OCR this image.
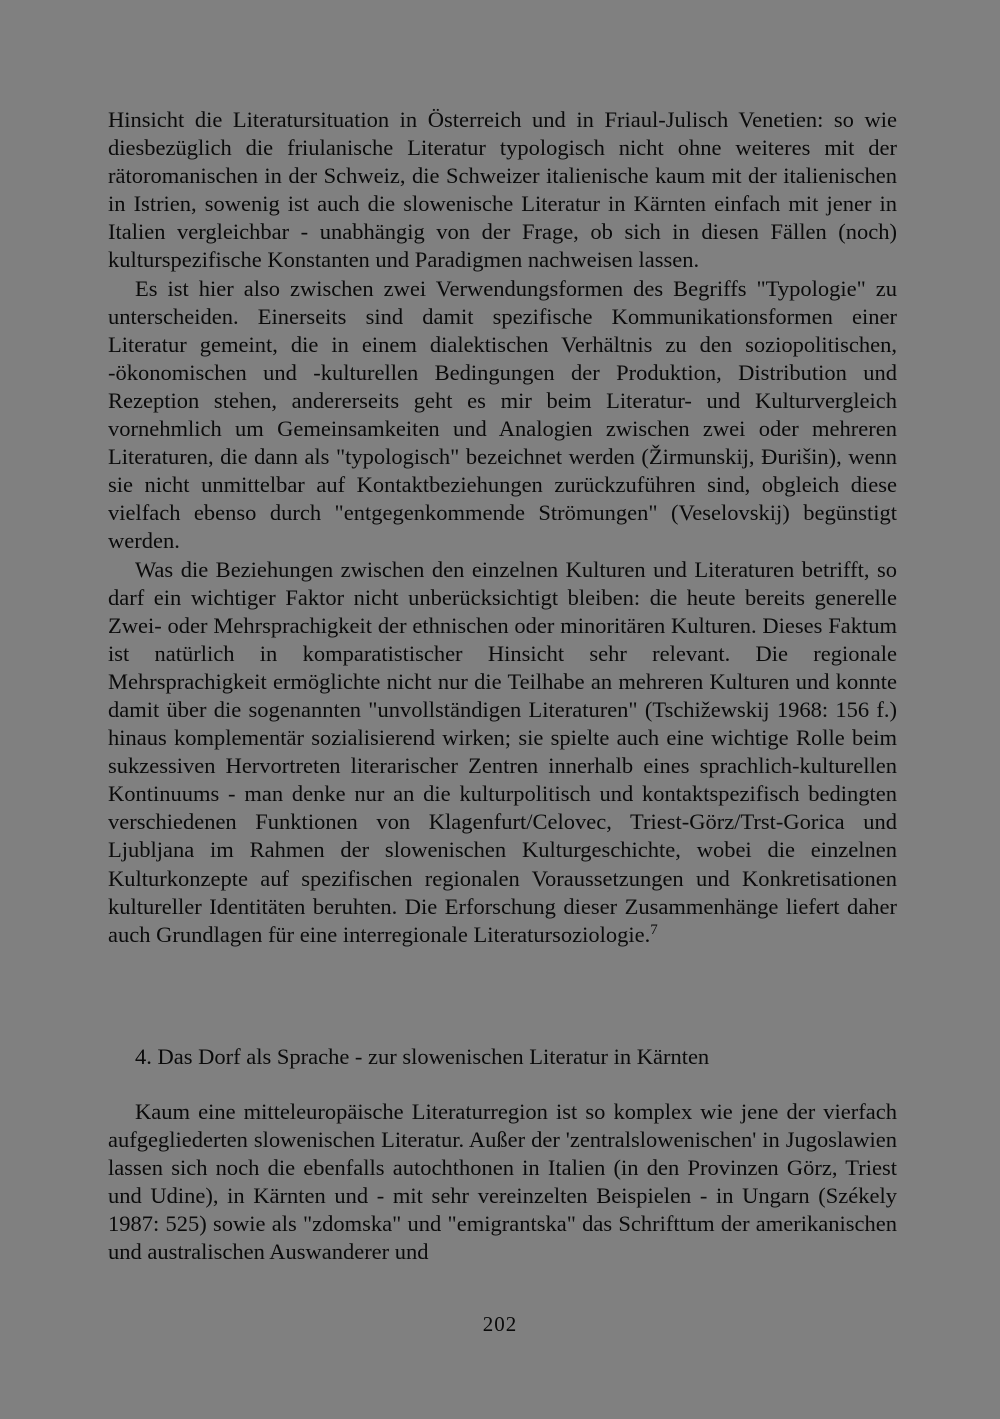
Hinsicht die Literatursituation in Österreich und in Friaul-Julisch Venetien: so wie diesbezüglich die friulanische Literatur typologisch nicht ohne weiteres mit der rätoromanischen in der Schweiz, die Schweizer italienische kaum mit der italienischen in Istrien, sowenig ist auch die slowenische Literatur in Kärnten einfach mit jener in Italien vergleichbar - unabhängig von der Frage, ob sich in diesen Fällen (noch) kulturspezifische Konstanten und Paradigmen nachweisen lassen.

Es ist hier also zwischen zwei Verwendungsformen des Begriffs "Typologie" zu unterscheiden. Einerseits sind damit spezifische Kommunikationsformen einer Literatur gemeint, die in einem dialektischen Verhältnis zu den soziopolitischen, -ökonomischen und -kulturellen Bedingungen der Produktion, Distribution und Rezeption stehen, andererseits geht es mir beim Literatur- und Kulturvergleich vornehmlich um Gemeinsamkeiten und Analogien zwischen zwei oder mehreren Literaturen, die dann als "typologisch" bezeichnet werden (Žirmunskij, Đurišin), wenn sie nicht unmittelbar auf Kontaktbeziehungen zurückzuführen sind, obgleich diese vielfach ebenso durch "entgegenkommende Strömungen" (Veselovskij) begünstigt werden.

Was die Beziehungen zwischen den einzelnen Kulturen und Literaturen betrifft, so darf ein wichtiger Faktor nicht unberücksichtigt bleiben: die heute bereits generelle Zwei- oder Mehrsprachigkeit der ethnischen oder minoritären Kulturen. Dieses Faktum ist natürlich in komparatistischer Hinsicht sehr relevant. Die regionale Mehrsprachigkeit ermöglichte nicht nur die Teilhabe an mehreren Kulturen und konnte damit über die sogenannten "unvollständigen Literaturen" (Tschižewskij 1968: 156 f.) hinaus komplementär sozialisierend wirken; sie spielte auch eine wichtige Rolle beim sukzessiven Hervortreten literarischer Zentren innerhalb eines sprachlich-kulturellen Kontinuums - man denke nur an die kulturpolitisch und kontaktspezifisch bedingten verschiedenen Funktionen von Klagenfurt/Celovec, Triest-Görz/Trst-Gorica und Ljubljana im Rahmen der slowenischen Kulturgeschichte, wobei die einzelnen Kulturkonzepte auf spezifischen regionalen Voraussetzungen und Konkretisationen kultureller Identitäten beruhten. Die Erforschung dieser Zusammenhänge liefert daher auch Grundlagen für eine interregionale Literatursoziologie.$^7$

4. Das Dorf als Sprache - zur slowenischen Literatur in Kärnten

Kaum eine mitteleuropäische Literaturregion ist so komplex wie jene der vierfach aufgegliederten slowenischen Literatur. Außer der 'zentralslowenischen' in Jugoslawien lassen sich noch die ebenfalls autochthonen in Italien (in den Provinzen Görz, Triest und Udine), in Kärnten und - mit sehr vereinzelten Beispielen - in Ungarn (Székely 1987: 525) sowie als "zdomska" und "emigrantska" das Schrifttum der amerikanischen und australischen Auswanderer und

202
